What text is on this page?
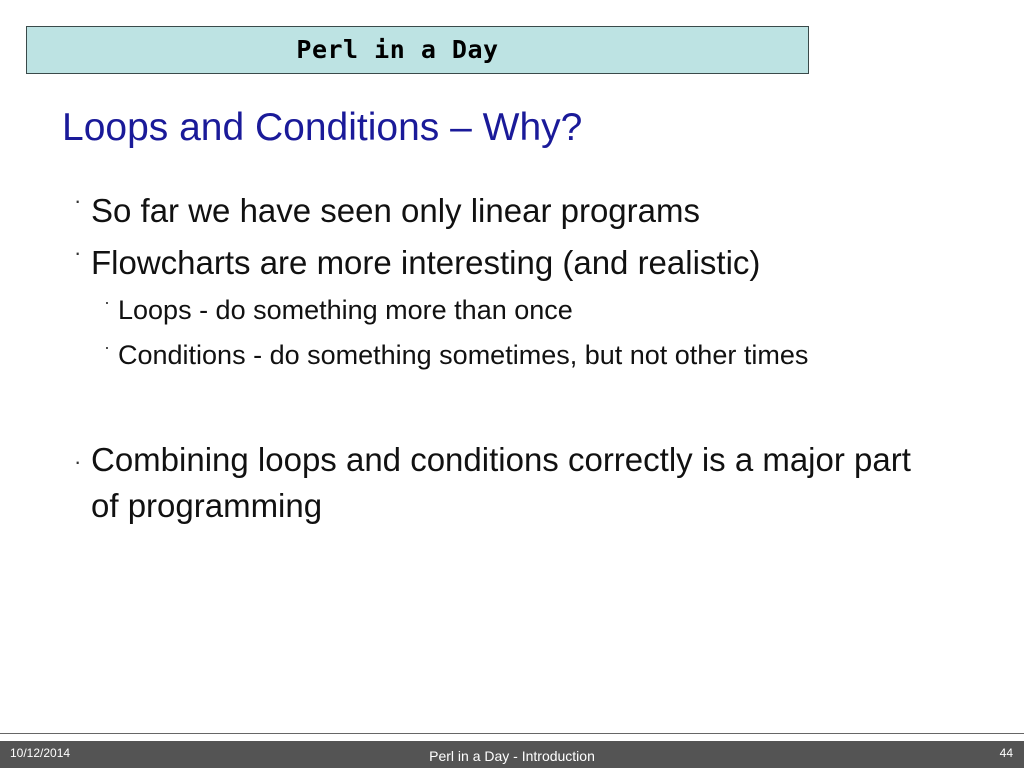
Perl in a Day
Loops and Conditions – Why?
· So far we have seen only linear programs
· Flowcharts are more interesting (and realistic)
· Loops - do something more than once
· Conditions - do something sometimes, but not other times
· Combining loops and conditions correctly is a major part of programming
10/12/2014	Perl in a Day - Introduction	44
